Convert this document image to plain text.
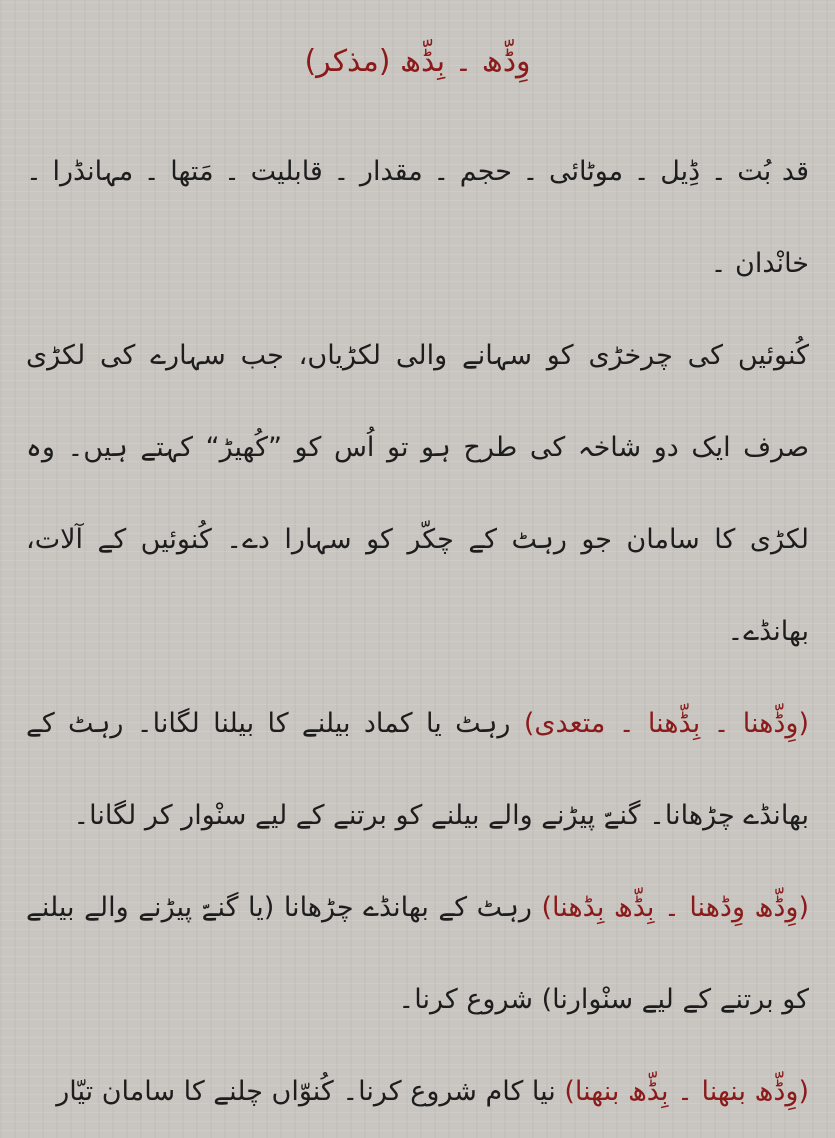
وِڈّھ ۔ بِڈّھ (مذکر)

قد بُت ۔ ڈِیل ۔ موٹائی ۔ حجم ۔ مقدار ۔ قابلیت ۔ مَتھا ۔ مہانڈرا ۔ خانْدان ۔

کُنوئیں کی چرخڑی کو سہانے والی لکڑیاں، جب سہارے کی لکڑی صرف ایک دو شاخہ کی طرح ہو تو اُس کو ”کُھیڑ“ کہتے ہیں۔ وہ لکڑی کا سامان جو رہٹ کے چکّر کو سہارا دے۔ کُنوئیں کے آلات، بھانڈے۔

(وِڈّھنا ۔ بِڈّھنا ۔ متعدی) رہٹ یا کماد بیلنے کا بیلنا لگانا۔ رہٹ کے بھانڈے چڑھانا۔ گنےّ پیڑنے والے بیلنے کو برتنے کے لیے سنْوار کر لگانا۔

(وِڈّھ وِڈھنا ۔ بِڈّھ بِڈھنا) رہٹ کے بھانڈے چڑھانا (یا گنےّ پیڑنے والے بیلنے کو برتنے کے لیے سنْوارنا) شروع کرنا۔

(وِڈّھ بنھنا ۔ بِڈّھ بنھنا) نیا کام شروع کرنا۔ کُنوّاں چلنے کا سامان تیّار
